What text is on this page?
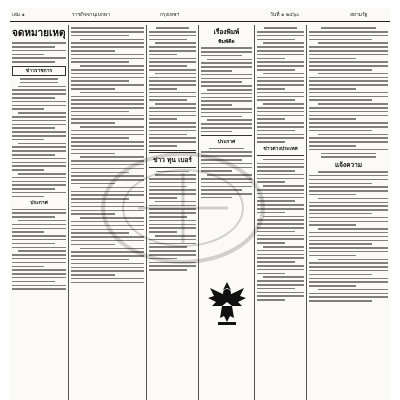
เล่ม ๑	ราชกิจจานุเบกษา	กรุงเทพฯ	วันที่ ๑ ๒๔๖๐	สยามรัฐ
จดหมายเหตุ
ข่าวราชการ
ประกาศ
ข่าว ทุน เบอร์
เรื่องพิมพ์
พิมพ์ดีด
ประกาศ
ข่าวต่างประเทศ
แจ้งความ
